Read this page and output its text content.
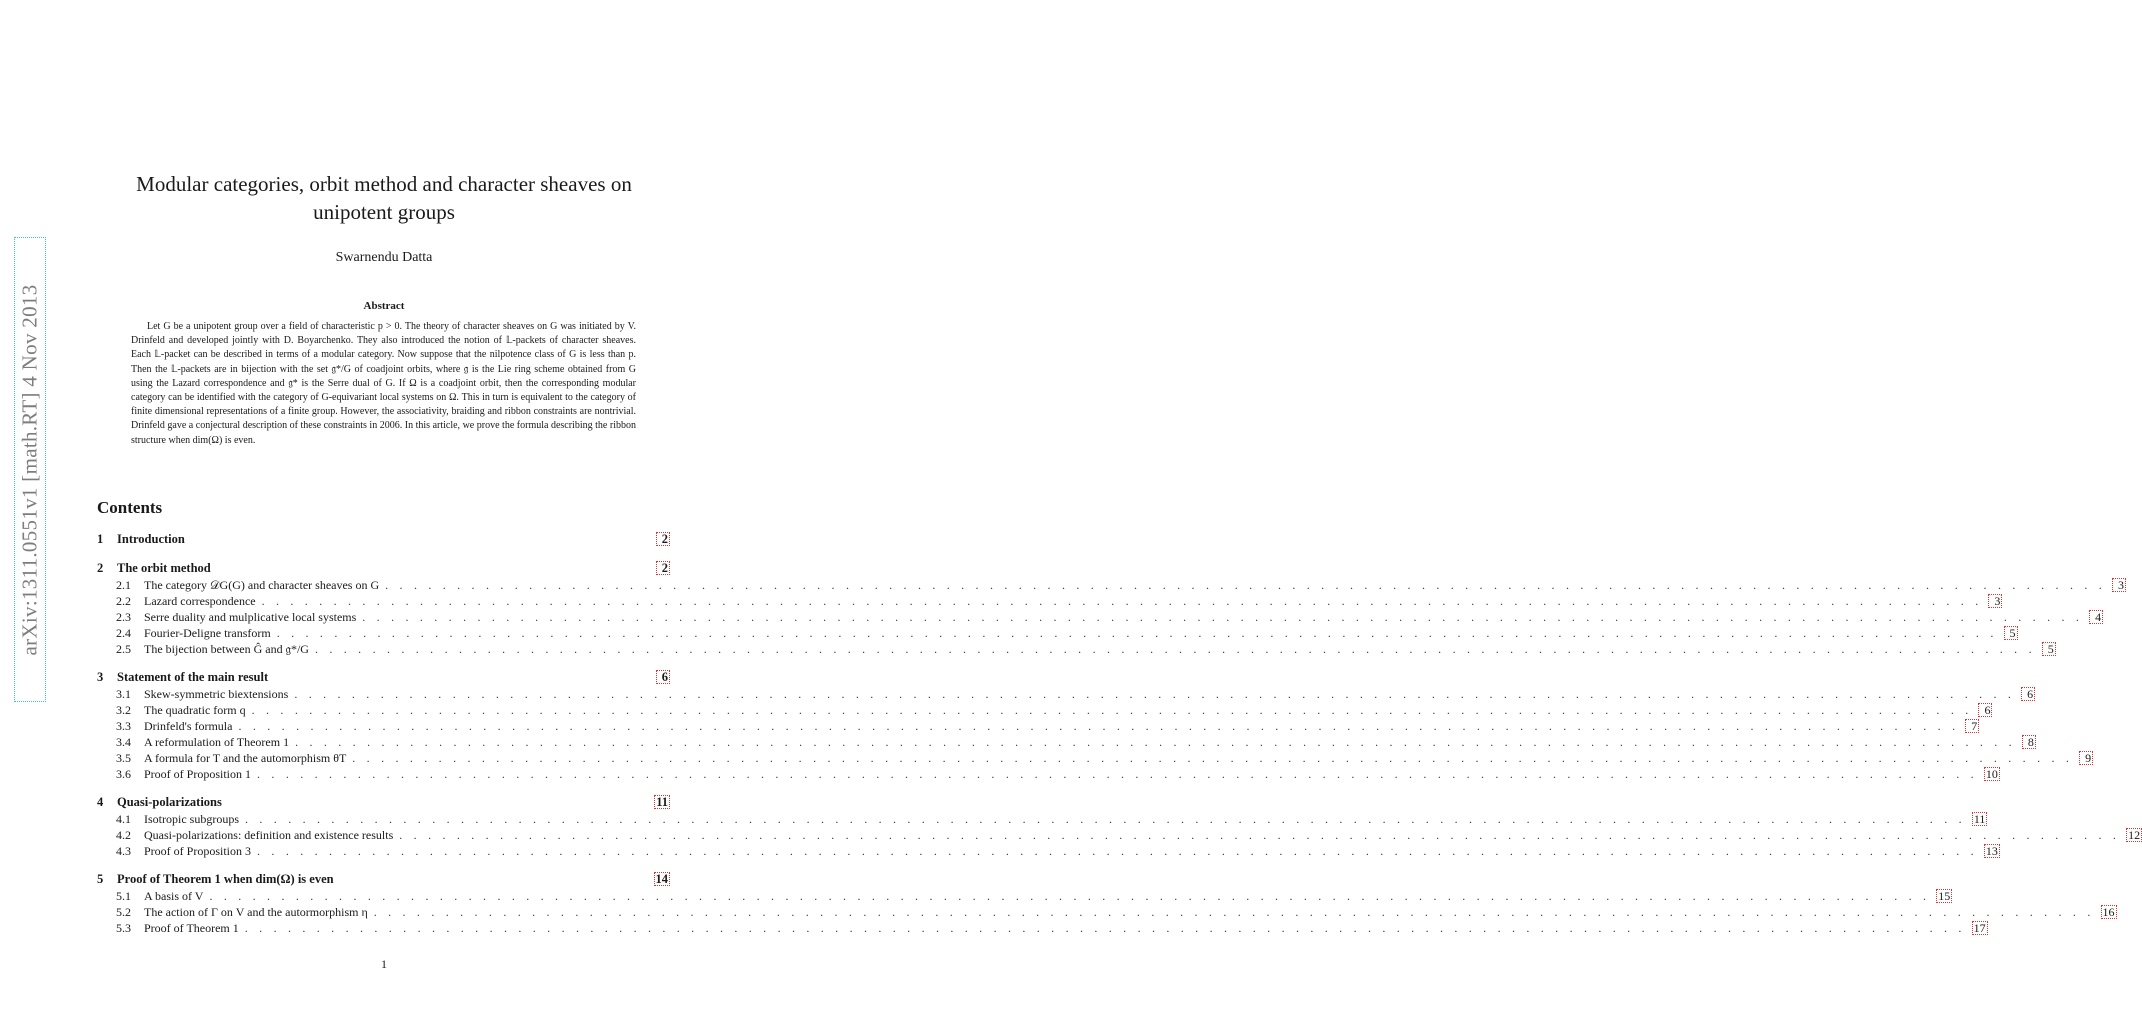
arXiv:1311.0551v1 [math.RT] 4 Nov 2013
Modular categories, orbit method and character sheaves on
unipotent groups
Swarnendu Datta
Abstract

Let G be a unipotent group over a field of characteristic p > 0. The theory of character sheaves on G was initiated by V. Drinfeld and developed jointly with D. Boyarchenko. They also introduced the notion of 𝕃-packets of character sheaves. Each 𝕃-packet can be described in terms of a modular category. Now suppose that the nilpotence class of G is less than p. Then the 𝕃-packets are in bijection with the set 𝔤*/G of coadjoint orbits, where 𝔤 is the Lie ring scheme obtained from G using the Lazard correspondence and 𝔤* is the Serre dual of G. If Ω is a coadjoint orbit, then the corresponding modular category can be identified with the category of G-equivariant local systems on Ω. This in turn is equivalent to the category of finite dimensional representations of a finite group. However, the associativity, braiding and ribbon constraints are nontrivial. Drinfeld gave a conjectural description of these constraints in 2006. In this article, we prove the formula describing the ribbon structure when dim(Ω) is even.

Contents
1	Introduction	2
2	The orbit method	2
2.1	The category 𝒟G(G) and character sheaves on G . . . . . . . . . . . . . . . . . . . . . . . . . . . . . . . . . . . . . . . . . . . . . . . . . . . . . . . . . . . . . . . . . . . . . . . . . . . . . . . . . . . . . . . . . . . . . . . . . . . . . . . . . . . . . . . . . . . . . . . .	3
2.2	Lazard correspondence . . . . . . . . . . . . . . . . . . . . . . . . . . . . . . . . . . . . . . . . . . . . . . . . . . . . . . . . . . . . . . . . . . . . . . . . . . . . . . . . . . . . . . . . . . . . . . . . . . . . . . . . . . . . . . . . . . . . . . . .	3
2.3	Serre duality and mulplicative local systems . . . . . . . . . . . . . . . . . . . . . . . . . . . . . . . . . . . . . . . . . . . . . . . . . . . . . . . . . . . . . . . . . . . . . . . . . . . . . . . . . . . . . . . . . . . . . . . . . . . . . . . . . . . . . . . . . . . . . . . .	4
2.4	Fourier-Deligne transform . . . . . . . . . . . . . . . . . . . . . . . . . . . . . . . . . . . . . . . . . . . . . . . . . . . . . . . . . . . . . . . . . . . . . . . . . . . . . . . . . . . . . . . . . . . . . . . . . . . . . . . . . . . . . . . . . . . . . . . .	5
2.5	The bijection between Ĝ and 𝔤*/G . . . . . . . . . . . . . . . . . . . . . . . . . . . . . . . . . . . . . . . . . . . . . . . . . . . . . . . . . . . . . . . . . . . . . . . . . . . . . . . . . . . . . . . . . . . . . . . . . . . . . . . . . . . . . . . . . . . . . . . .	5
3	Statement of the main result	6
3.1	Skew-symmetric biextensions . . . . . . . . . . . . . . . . . . . . . . . . . . . . . . . . . . . . . . . . . . . . . . . . . . . . . . . . . . . . . . . . . . . . . . . . . . . . . . . . . . . . . . . . . . . . . . . . . . . . . . . . . . . . . . . . . . . . . . . .	6
3.2	The quadratic form q . . . . . . . . . . . . . . . . . . . . . . . . . . . . . . . . . . . . . . . . . . . . . . . . . . . . . . . . . . . . . . . . . . . . . . . . . . . . . . . . . . . . . . . . . . . . . . . . . . . . . . . . . . . . . . . . . . . . . . . .	6
3.3	Drinfeld's formula . . . . . . . . . . . . . . . . . . . . . . . . . . . . . . . . . . . . . . . . . . . . . . . . . . . . . . . . . . . . . . . . . . . . . . . . . . . . . . . . . . . . . . . . . . . . . . . . . . . . . . . . . . . . . . . . . . . . . . . .	7
3.4	A reformulation of Theorem 1 . . . . . . . . . . . . . . . . . . . . . . . . . . . . . . . . . . . . . . . . . . . . . . . . . . . . . . . . . . . . . . . . . . . . . . . . . . . . . . . . . . . . . . . . . . . . . . . . . . . . . . . . . . . . . . . . . . . . . . . .	8
3.5	A formula for T and the automorphism θT . . . . . . . . . . . . . . . . . . . . . . . . . . . . . . . . . . . . . . . . . . . . . . . . . . . . . . . . . . . . . . . . . . . . . . . . . . . . . . . . . . . . . . . . . . . . . . . . . . . . . . . . . . . . . . . . . . . . . . . .	9
3.6	Proof of Proposition 1 . . . . . . . . . . . . . . . . . . . . . . . . . . . . . . . . . . . . . . . . . . . . . . . . . . . . . . . . . . . . . . . . . . . . . . . . . . . . . . . . . . . . . . . . . . . . . . . . . . . . . . . . . . . . . . . . . . . . . . . . 10
4	Quasi-polarizations	11
4.1	Isotropic subgroups . . . . . . . . . . . . . . . . . . . . . . . . . . . . . . . . . . . . . . . . . . . . . . . . . . . . . . . . . . . . . . . . . . . . . . . . . . . . . . . . . . . . . . . . . . . . . . . . . . . . . . . . . . . . . . . . . . . . . . . . 11
4.2	Quasi-polarizations: definition and existence results . . . . . . . . . . . . . . . . . . . . . . . . . . . . . . . . . . . . . . . . . . . . . . . . . . . . . . . . . . . . . . . . . . . . . . . . . . . . . . . . . . . . . . . . . . . . . . . . . . . . . . . . . . . . . . . . . . . . . . . . 12
4.3	Proof of Proposition 3 . . . . . . . . . . . . . . . . . . . . . . . . . . . . . . . . . . . . . . . . . . . . . . . . . . . . . . . . . . . . . . . . . . . . . . . . . . . . . . . . . . . . . . . . . . . . . . . . . . . . . . . . . . . . . . . . . . . . . . . . 13
5	Proof of Theorem 1 when dim(Ω) is even	14
5.1	A basis of V . . . . . . . . . . . . . . . . . . . . . . . . . . . . . . . . . . . . . . . . . . . . . . . . . . . . . . . . . . . . . . . . . . . . . . . . . . . . . . . . . . . . . . . . . . . . . . . . . . . . . . . . . . . . . . . . . . . . . . . . 15
5.2	The action of Γ on V and the autormorphism η . . . . . . . . . . . . . . . . . . . . . . . . . . . . . . . . . . . . . . . . . . . . . . . . . . . . . . . . . . . . . . . . . . . . . . . . . . . . . . . . . . . . . . . . . . . . . . . . . . . . . . . . . . . . . . . . . . . . . . . . 16
5.3	Proof of Theorem 1 . . . . . . . . . . . . . . . . . . . . . . . . . . . . . . . . . . . . . . . . . . . . . . . . . . . . . . . . . . . . . . . . . . . . . . . . . . . . . . . . . . . . . . . . . . . . . . . . . . . . . . . . . . . . . . . . . . . . . . . . 17
1
